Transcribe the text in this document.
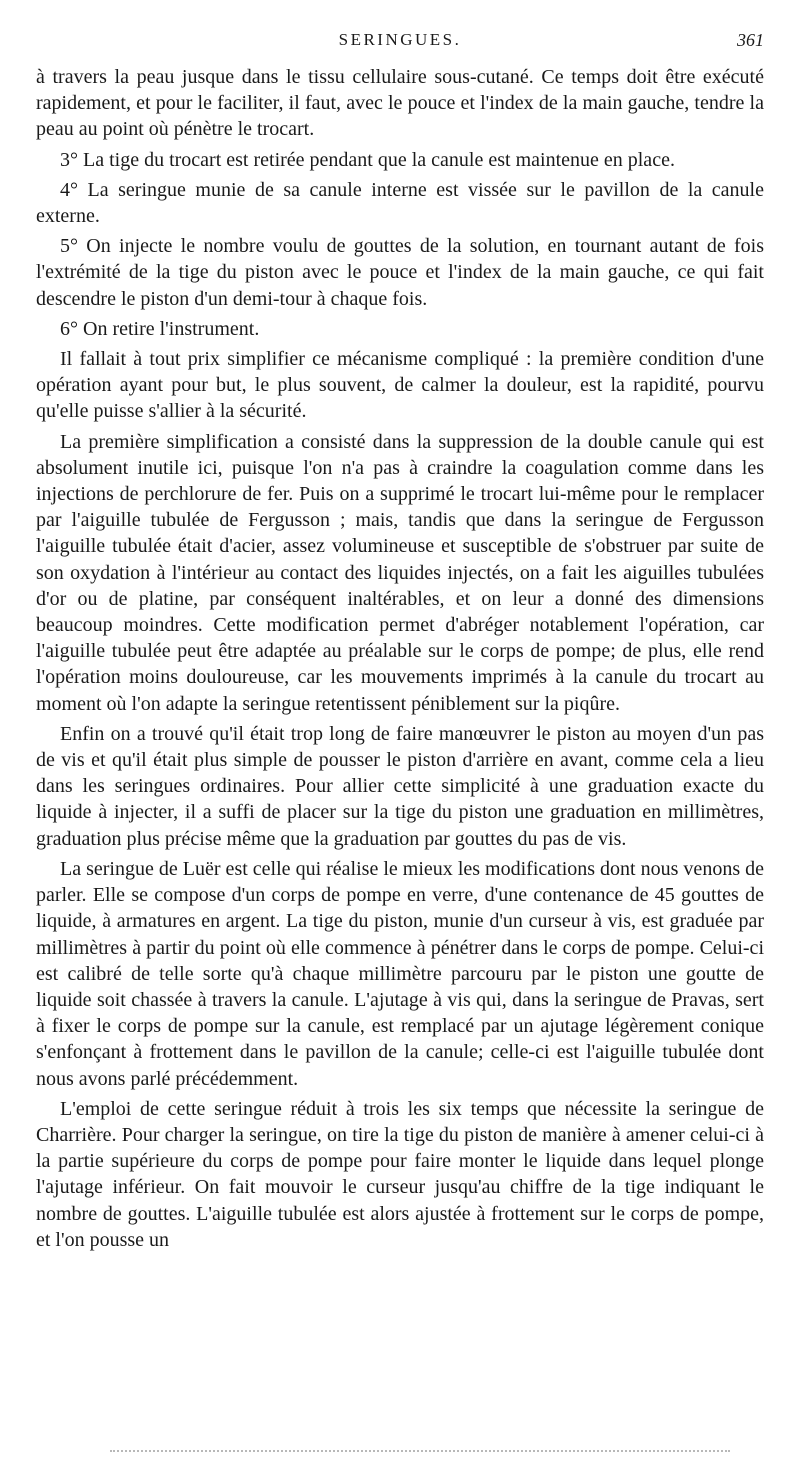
SERINGUES.	361

à travers la peau jusque dans le tissu cellulaire sous-cutané. Ce temps doit être exécuté rapidement, et pour le faciliter, il faut, avec le pouce et l'index de la main gauche, tendre la peau au point où pénètre le trocart.

3° La tige du trocart est retirée pendant que la canule est maintenue en place.

4° La seringue munie de sa canule interne est vissée sur le pavillon de la canule externe.

5° On injecte le nombre voulu de gouttes de la solution, en tournant autant de fois l'extrémité de la tige du piston avec le pouce et l'index de la main gauche, ce qui fait descendre le piston d'un demi-tour à chaque fois.

6° On retire l'instrument.

Il fallait à tout prix simplifier ce mécanisme compliqué : la première condition d'une opération ayant pour but, le plus souvent, de calmer la douleur, est la rapidité, pourvu qu'elle puisse s'allier à la sécurité.

La première simplification a consisté dans la suppression de la double canule qui est absolument inutile ici, puisque l'on n'a pas à craindre la coagulation comme dans les injections de perchlorure de fer. Puis on a supprimé le trocart lui-même pour le remplacer par l'aiguille tubulée de Fergusson ; mais, tandis que dans la seringue de Fergusson l'aiguille tubulée était d'acier, assez volumineuse et susceptible de s'obstruer par suite de son oxydation à l'intérieur au contact des liquides injectés, on a fait les aiguilles tubulées d'or ou de platine, par conséquent inaltérables, et on leur a donné des dimensions beaucoup moindres. Cette modification permet d'abréger notablement l'opération, car l'aiguille tubulée peut être adaptée au préalable sur le corps de pompe; de plus, elle rend l'opération moins douloureuse, car les mouvements imprimés à la canule du trocart au moment où l'on adapte la seringue retentissent péniblement sur la piqûre.

Enfin on a trouvé qu'il était trop long de faire manœuvrer le piston au moyen d'un pas de vis et qu'il était plus simple de pousser le piston d'arrière en avant, comme cela a lieu dans les seringues ordinaires. Pour allier cette simplicité à une graduation exacte du liquide à injecter, il a suffi de placer sur la tige du piston une graduation en millimètres, graduation plus précise même que la graduation par gouttes du pas de vis.

La seringue de Luër est celle qui réalise le mieux les modifications dont nous venons de parler. Elle se compose d'un corps de pompe en verre, d'une contenance de 45 gouttes de liquide, à armatures en argent. La tige du piston, munie d'un curseur à vis, est graduée par millimètres à partir du point où elle commence à pénétrer dans le corps de pompe. Celui-ci est calibré de telle sorte qu'à chaque millimètre parcouru par le piston une goutte de liquide soit chassée à travers la canule. L'ajutage à vis qui, dans la seringue de Pravas, sert à fixer le corps de pompe sur la canule, est remplacé par un ajutage légèrement conique s'enfonçant à frottement dans le pavillon de la canule; celle-ci est l'aiguille tubulée dont nous avons parlé précédemment.

L'emploi de cette seringue réduit à trois les six temps que nécessite la seringue de Charrière. Pour charger la seringue, on tire la tige du piston de manière à amener celui-ci à la partie supérieure du corps de pompe pour faire monter le liquide dans lequel plonge l'ajutage inférieur. On fait mouvoir le curseur jusqu'au chiffre de la tige indiquant le nombre de gouttes. L'aiguille tubulée est alors ajustée à frottement sur le corps de pompe, et l'on pousse un
